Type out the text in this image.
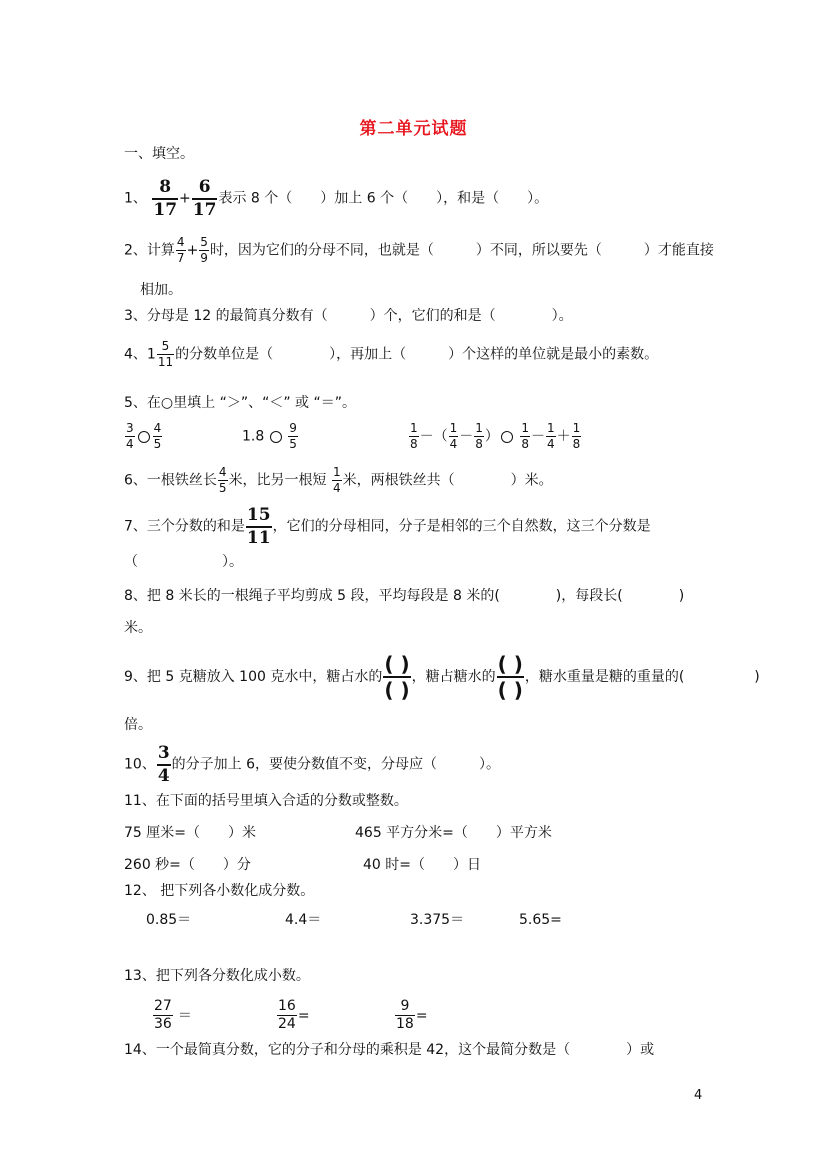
第二单元试题
一、填空。
1、 $\frac{8}{17} + \frac{6}{17}$ 表示 8 个（　　）加上 6 个（　　），和是（　　）。
2、计算 $\frac{4}{7} + \frac{5}{9}$ 时，因为它们的分母不同，也就是（　　　）不同，所以要先（　　　）才能直接
相加。
3、分母是 12 的最简真分数有（　　　）个，它们的和是（　　　　）。
4、$1 \frac{5}{11}$ 的分数单位是（　　　　），再加上（　　　）个这样的单位就是最小的素数。
5、在○里填上 “＞”、“＜” 或 “＝”。
$\frac{3}{4} \frac{4}{5}$	$1.8 \frac{9}{5}$	$\frac{1}{8}$ －（ $\frac{1}{4} - \frac{1}{8}$ ） $\frac{1}{8} - \frac{1}{4} + \frac{1}{8}$
6、一根铁丝长 $\frac{4}{5}$ 米，比另一根短 $\frac{1}{4}$ 米，两根铁丝共（　　　　）米。
7、三个分数的和是 $\frac{15}{11}$ ，它们的分母相同，分子是相邻的三个自然数，这三个分数是
（　　　　　　）。
8、把 8 米长的一根绳子平均剪成 5 段，平均每段是 8 米的(　　　　)，每段长(　　　　)
米。
9、把 5 克糖放入 100 克水中，糖占水的 $\frac{( )}{( )}$ ，糖占糖水的 $\frac{( )}{( )}$ ，糖水重量是糖的重量的(　　　　　)
倍。
10、 $\frac{3}{4}$ 的分子加上 6，要使分数值不变，分母应（　　　）。
11、在下面的括号里填入合适的分数或整数。
75 厘米=（　　）米	465 平方分米=（　　）平方米
260 秒=（　　）分	40 时=（　　）日
12、 把下列各小数化成分数。
0.85＝	4.4＝	3.375＝	5.65=
13、把下列各分数化成小数。
$\frac{27}{36}$ ＝	$\frac{16}{24}$ =	$\frac{9}{18}$ =
14、一个最简真分数，它的分子和分母的乘积是 42，这个最简分数是（　　　　）或
4
